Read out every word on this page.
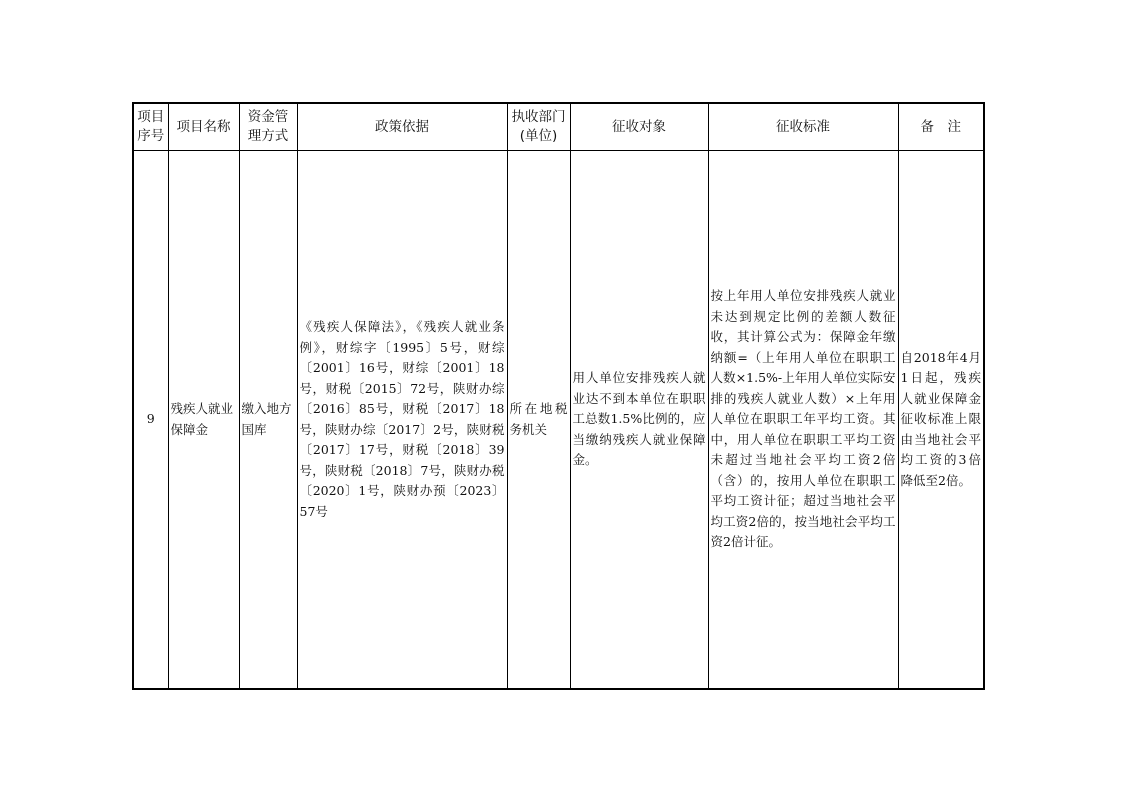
项目序号	项目名称	资金管理方式	政策依据	执收部门(单位)	征收对象	征收标准	备　注
9	残疾人就业保障金	缴入地方国库	《残疾人保障法》，《残疾人就业条例》，财综字〔1995〕5号，财综〔2001〕16号，财综〔2001〕18号，财税〔2015〕72号，陕财办综〔2016〕85号，财税〔2017〕18号，陕财办综〔2017〕2号，陕财税〔2017〕17号，财税〔2018〕39号，陕财税〔2018〕7号，陕财办税〔2020〕1号，陕财办预〔2023〕57号	所在地税务机关	用人单位安排残疾人就业达不到本单位在职职工总数1.5%比例的，应当缴纳残疾人就业保障金。	按上年用人单位安排残疾人就业未达到规定比例的差额人数征收，其计算公式为：保障金年缴纳额=（上年用人单位在职职工人数×1.5%-上年用人单位实际安排的残疾人就业人数）×上年用人单位在职职工年平均工资。其中，用人单位在职职工平均工资未超过当地社会平均工资2倍（含）的，按用人单位在职职工平均工资计征；超过当地社会平均工资2倍的，按当地社会平均工资2倍计征。	自2018年4月1日起，残疾人就业保障金征收标准上限由当地社会平均工资的3倍降低至2倍。
